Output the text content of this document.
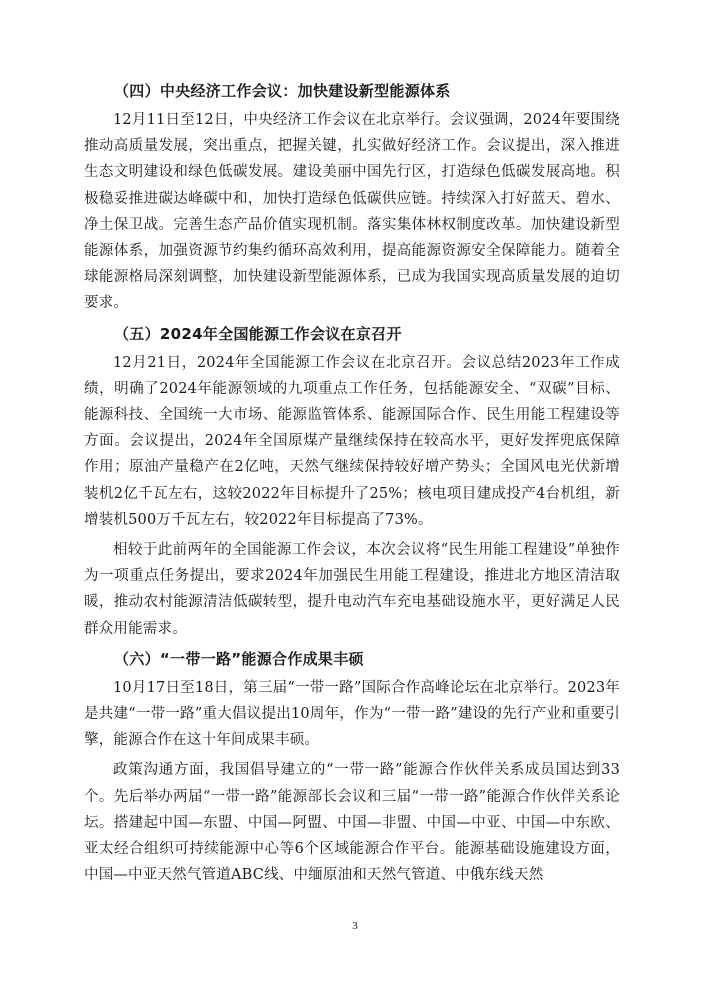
（四）中央经济工作会议：加快建设新型能源体系

12月11日至12日，中央经济工作会议在北京举行。会议强调，2024年要围绕推动高质量发展，突出重点，把握关键，扎实做好经济工作。会议提出，深入推进生态文明建设和绿色低碳发展。建设美丽中国先行区，打造绿色低碳发展高地。积极稳妥推进碳达峰碳中和，加快打造绿色低碳供应链。持续深入打好蓝天、碧水、净土保卫战。完善生态产品价值实现机制。落实集体林权制度改革。加快建设新型能源体系，加强资源节约集约循环高效利用，提高能源资源安全保障能力。随着全球能源格局深刻调整，加快建设新型能源体系，已成为我国实现高质量发展的迫切要求。

（五）2024年全国能源工作会议在京召开

12月21日，2024年全国能源工作会议在北京召开。会议总结2023年工作成绩，明确了2024年能源领域的九项重点工作任务，包括能源安全、“双碳”目标、能源科技、全国统一大市场、能源监管体系、能源国际合作、民生用能工程建设等方面。会议提出，2024年全国原煤产量继续保持在较高水平，更好发挥兜底保障作用；原油产量稳产在2亿吨，天然气继续保持较好增产势头；全国风电光伏新增装机2亿千瓦左右，这较2022年目标提升了25%；核电项目建成投产4台机组，新增装机500万千瓦左右，较2022年目标提高了73%。

相较于此前两年的全国能源工作会议，本次会议将“民生用能工程建设”单独作为一项重点任务提出，要求2024年加强民生用能工程建设，推进北方地区清洁取暖，推动农村能源清洁低碳转型，提升电动汽车充电基础设施水平，更好满足人民群众用能需求。

（六）“一带一路”能源合作成果丰硕

10月17日至18日，第三届“一带一路”国际合作高峰论坛在北京举行。2023年是共建“一带一路”重大倡议提出10周年，作为“一带一路”建设的先行产业和重要引擎，能源合作在这十年间成果丰硕。

政策沟通方面，我国倡导建立的“一带一路”能源合作伙伴关系成员国达到33个。先后举办两届“一带一路”能源部长会议和三届“一带一路”能源合作伙伴关系论坛。搭建起中国—东盟、中国—阿盟、中国—非盟、中国—中亚、中国—中东欧、亚太经合组织可持续能源中心等6个区域能源合作平台。能源基础设施建设方面，中国—中亚天然气管道ABC线、中缅原油和天然气管道、中俄东线天然

3
